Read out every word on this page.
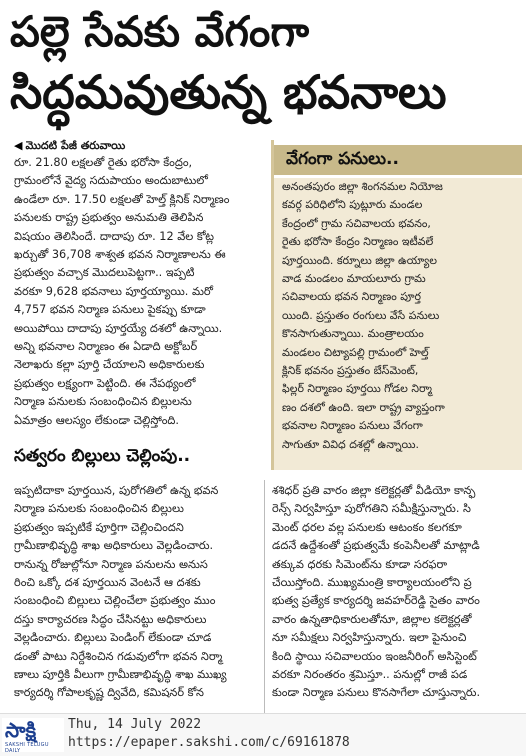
పల్లె సేవకు వేగంగా
సిద్ధమవుతున్న భవనాలు
◀ మొదటి పేజీ తరువాయి

రూ. 21.80 లక్షలతో రైతు భరోసా కేంద్రం,

గ్రామంలోనే వైద్య సదుపాయం అందుబాటులో

ఉండేలా రూ. 17.50 లక్షలతో హెల్త్ క్లినిక్ నిర్మాణం

పనులకు రాష్ట్ర ప్రభుత్వం అనుమతి తెలిపిన

విషయం తెలిసిందే. దాదాపు రూ. 12 వేల కోట్ల

ఖర్చుతో 36,708 శాశ్వత భవన నిర్మాణాలను ఈ

ప్రభుత్వం వచ్చాక మొదలుపెట్టగా.. ఇప్పటి

వరకూ 9,628 భవనాలు పూర్తయ్యాయి. మరో

4,757 భవన నిర్మాణ పనులు పైకప్పు కూడా

అయిపోయి దాదాపు పూర్తయ్యే దశలో ఉన్నాయి.

అన్ని భవనాల నిర్మాణం ఈ ఏడాది అక్టోబర్

నెలాఖరు కల్లా పూర్తి చేయాలని అధికారులకు

ప్రభుత్వం లక్ష్యంగా పెట్టింది. ఈ నేపథ్యంలో

నిర్మాణ పనులకు సంబంధించిన బిల్లులను

ఏమాత్రం ఆలస్యం లేకుండా చెల్లిస్తోంది.

వేగంగా పనులు..

అనంతపురం జిల్లా శింగనమల నియోజ

కవర్గ పరిధిలోని పుట్లూరు మండల

కేంద్రంలో గ్రామ సచివాలయ భవనం,

రైతు భరోసా కేంద్రం నిర్మాణం ఇటీవలే

పూర్తయింది. కర్నూలు జిల్లా ఉయ్యాల

వాడ మండలం మాయలూరు గ్రామ

సచివాలయ భవన నిర్మాణం పూర్త

యింది. ప్రస్తుతం రంగులు వేసే పనులు

కొనసాగుతున్నాయి. మంత్రాలయం

మండలం చిట్యాపల్లి గ్రామంలో హెల్త్

క్లినిక్ భవనం ప్రస్తుతం బేస్‌మెంట్,

ఫిల్లర్ నిర్మాణం పూర్తయి గోడల నిర్మా

ణం దశలో ఉంది. ఇలా రాష్ట్ర వ్యాప్తంగా

భవనాల నిర్మాణం పనులు వేగంగా

సాగుతూ వివిధ దశల్లో ఉన్నాయి.

సత్వరం బిల్లులు చెల్లింపు..

ఇప్పటిదాకా పూర్తయిన, పురోగతిలో ఉన్న భవన

నిర్మాణ పనులకు సంబంధించిన బిల్లులు

ప్రభుత్వం ఇప్పటికే పూర్తిగా చెల్లించిందని

గ్రామీణాభివృద్ధి శాఖ అధికారులు వెల్లడించారు.

రానున్న రోజుల్లోనూ నిర్మాణ పనులను అనుస

రించి ఒక్కో దశ పూర్తయిన వెంటనే ఆ దశకు

సంబంధించి బిల్లులు చెల్లించేలా ప్రభుత్వం ముం

దస్తు కార్యాచరణ సిద్ధం చేసినట్టు అధికారులు

వెల్లడించారు. బిల్లులు పెండింగ్ లేకుండా చూడ

డంతో పాటు నిర్దేశించిన గడువులోగా భవన నిర్మా

ణాలు పూర్తికి వీలుగా గ్రామీణాభివృద్ధి శాఖ ముఖ్య

కార్యదర్శి గోపాలకృష్ణ ద్వివేది, కమిషనర్ కోన

శశిధర్ ప్రతి వారం జిల్లా కలెక్టర్లతో వీడియో కాన్ఫ

రెన్స్ నిర్వహిస్తూ పురోగతిని సమీక్షిస్తున్నారు. సి

మెంట్ ధరల వల్ల పనులకు ఆటంకం కలగకూ

డదనే ఉద్దేశంతో ప్రభుత్వమే కంపెనీలతో మాట్లాడి

తక్కువ ధరకు సిమెంట్‌ను కూడా సరఫరా

చేయిస్తోంది. ముఖ్యమంత్రి కార్యాలయంలోని ప్ర

భుత్వ ప్రత్యేక కార్యదర్శి జవహర్‌రెడ్డి సైతం వారం

వారం ఉన్నతాధికారులతోనూ, జిల్లాల కలెక్టర్లతో

నూ సమీక్షలు నిర్వహిస్తున్నారు. ఇలా పైనుంచి

కింది స్థాయి సచివాలయం ఇంజనీరింగ్ అసిస్టెంట్

వరకూ నిరంతరం శ్రమిస్తూ.. పనుల్లో రాజీ పడ

కుండా నిర్మాణ పనులు కొనసాగేలా చూస్తున్నారు.

సాక్షి
SAKSHI TELUGU DAILY
Thu, 14 July 2022
https://epaper.sakshi.com/c/69161878
